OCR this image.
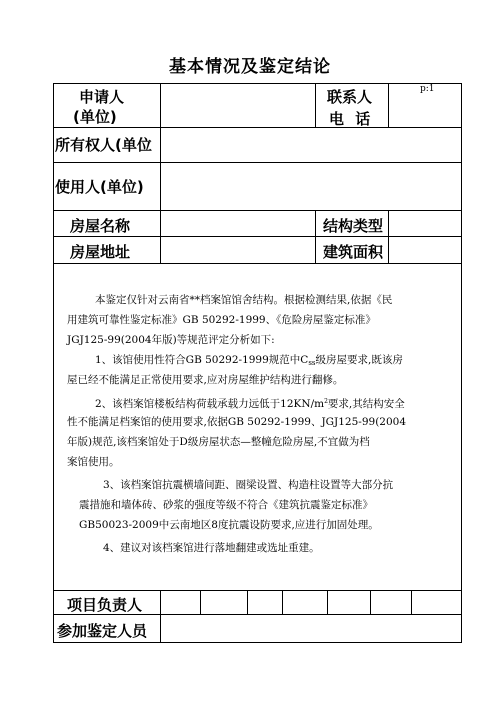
基本情况及鉴定结论
申请人
(单位)
联系人
电 话
p:1
所有权人(单位
使用人(单位)
房屋名称	结构类型
房屋地址	建筑面积
本鉴定仅针对云南省**档案馆馆舍结构。根据检测结果,依据《民
用建筑可靠性鉴定标准》GB 50292-1999、《危险房屋鉴定标准》
JGJ125-99(2004年版)等规范评定分析如下:
1、该馆使用性符合GB 50292-1999规范中$C_{ss}$级房屋要求,既该房
屋已经不能满足正常使用要求,应对房屋维护结构进行翻修。
2、该档案馆楼板结构荷载承载力远低于$12KN/m^2$要求,其结构安全
性不能满足档案馆的使用要求,依据GB 50292-1999、JGJ125-99(2004
年版)规范,该档案馆处于D级房屋状态—整幢危险房屋,不宜做为档
案馆使用。
3、该档案馆抗震横墙间距、圈梁设置、构造柱设置等大部分抗
震措施和墙体砖、砂浆的强度等级不符合《建筑抗震鉴定标准》
GB50023-2009中云南地区8度抗震设防要求,应进行加固处理。
4、建议对该档案馆进行落地翻建或选址重建。
项目负责人
参加鉴定人员
